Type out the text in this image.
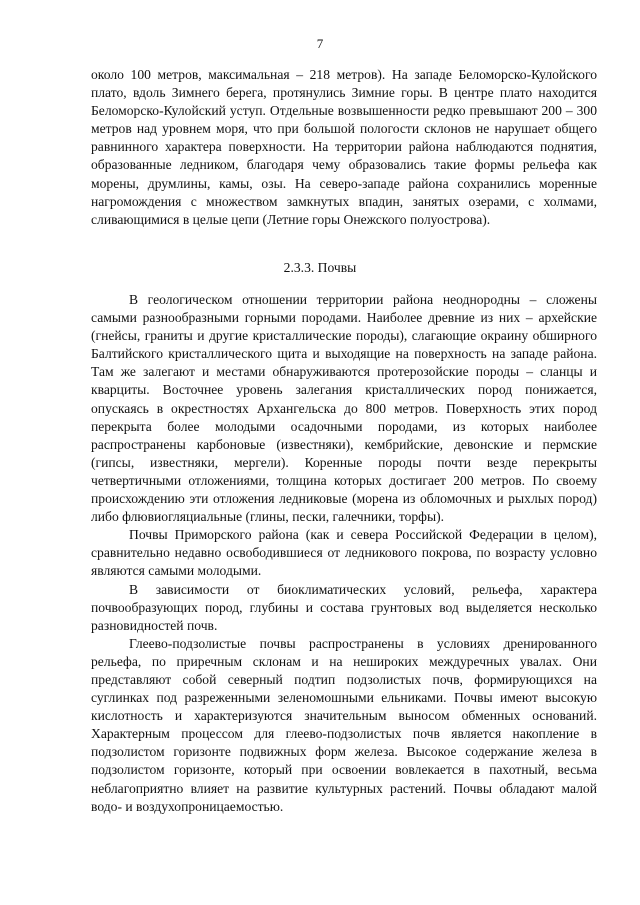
7

около 100 метров, максимальная – 218 метров). На западе Беломорско-Кулойского плато, вдоль Зимнего берега, протянулись Зимние горы. В центре плато находится Беломорско-Кулойский уступ. Отдельные возвышенности редко превышают 200 – 300 метров над уровнем моря, что при большой пологости склонов не нарушает общего равнинного характера поверхности. На территории района наблюдаются поднятия, образованные ледником, благодаря чему образовались такие формы рельефа как морены, друмлины, камы, озы. На северо-западе района сохранились моренные нагромождения с множеством замкнутых впадин, занятых озерами, с холмами, сливающимися в целые цепи (Летние горы Онежского полуострова).

2.3.3. Почвы

В геологическом отношении территории района неоднородны – сложены самыми разнообразными горными породами. Наиболее древние из них – архейские (гнейсы, граниты и другие кристаллические породы), слагающие окраину обширного Балтийского кристаллического щита и выходящие на поверхность на западе района. Там же залегают и местами обнаруживаются протерозойские породы – сланцы и кварциты. Восточнее уровень залегания кристаллических пород понижается, опускаясь в окрестностях Архангельска до 800 метров. Поверхность этих пород перекрыта более молодыми осадочными породами, из которых наиболее распространены карбоновые (известняки), кембрийские, девонские и пермские (гипсы, известняки, мергели). Коренные породы почти везде перекрыты четвертичными отложениями, толщина которых достигает 200 метров. По своему происхождению эти отложения ледниковые (морена из обломочных и рыхлых пород) либо флювиогляциальные (глины, пески, галечники, торфы).

Почвы Приморского района (как и севера Российской Федерации в целом), сравнительно недавно освободившиеся от ледникового покрова, по возрасту условно являются самыми молодыми.

В зависимости от биоклиматических условий, рельефа, характера почвообразующих пород, глубины и состава грунтовых вод выделяется несколько разновидностей почв.

Глеево-подзолистые почвы распространены в условиях дренированного рельефа, по приречным склонам и на неширoких междуречных увалах. Они представляют собой северный подтип подзолистых почв, формирующихся на суглинках под разреженными зеленомошными ельниками. Почвы имеют высокую кислотность и характеризуются значительным выносом обменных оснований. Характерным процессом для глеево-подзолистых почв является накопление в подзолистом горизонте подвижных форм железа. Высокое содержание железа в подзолистом горизонте, который при освоении вовлекается в пахотный, весьма неблагоприятно влияет на развитие культурных растений. Почвы обладают малой водо- и воздухопроницаемостью.
